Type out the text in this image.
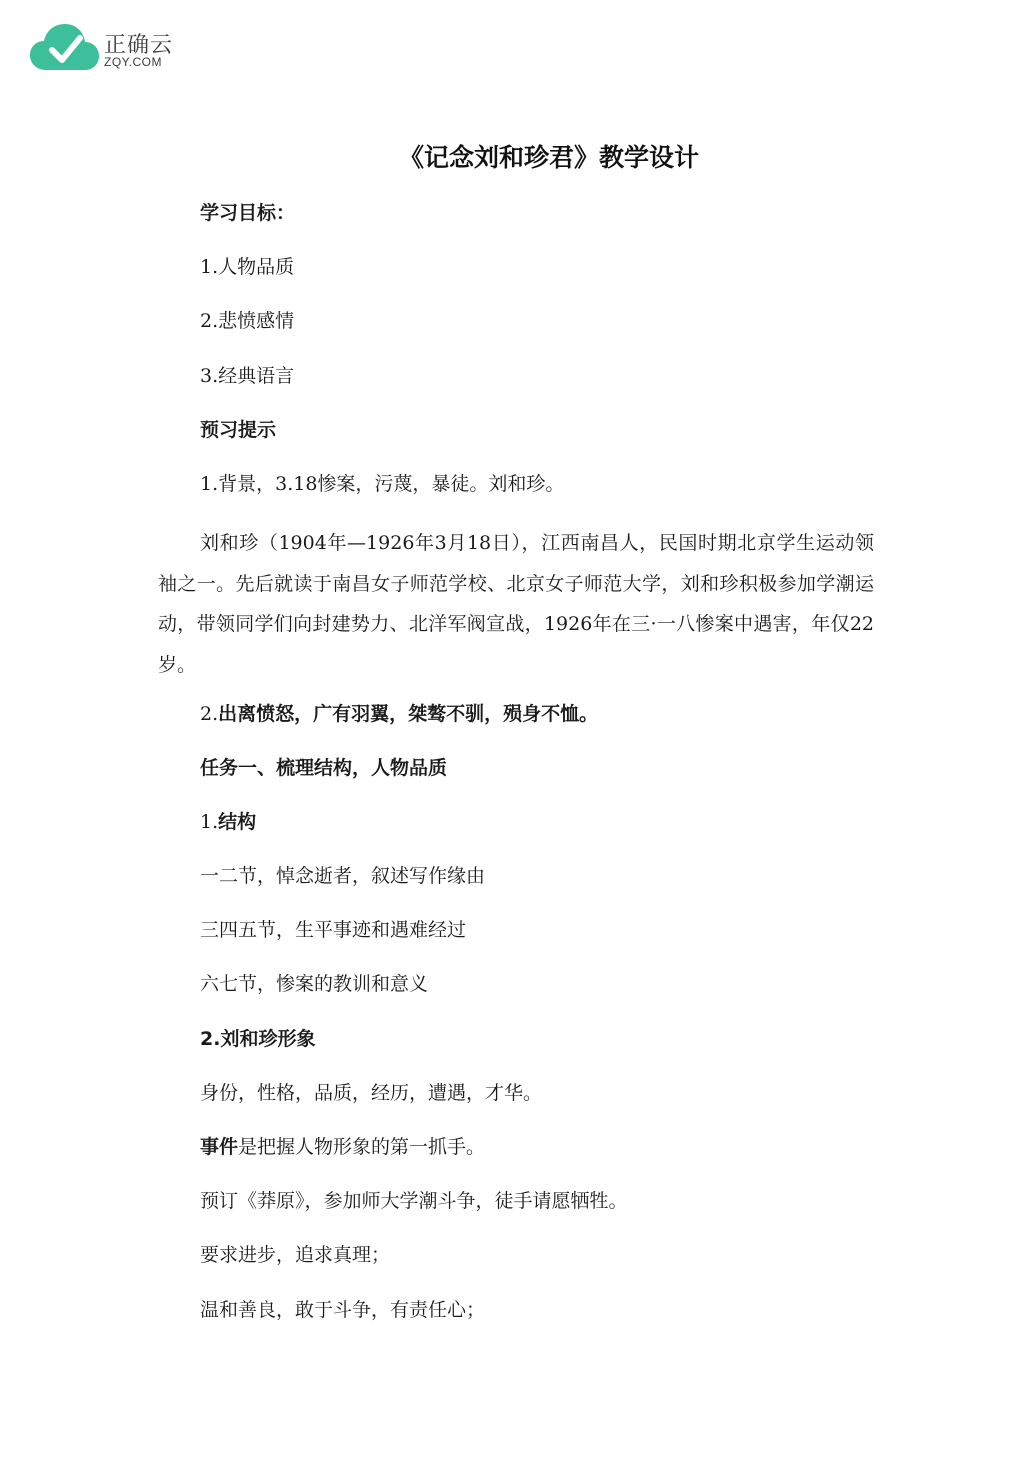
正确云
ZQY.COM
《记念刘和珍君》教学设计

学习目标：

1.人物品质

2.悲愤感情

3.经典语言

预习提示

1.背景，3.18惨案，污蔑，暴徒。刘和珍。

刘和珍（1904年—1926年3月18日），江西南昌人，民国时期北京学生运动领袖之一。先后就读于南昌女子师范学校、北京女子师范大学，刘和珍积极参加学潮运动，带领同学们向封建势力、北洋军阀宣战，1926年在三·一八惨案中遇害，年仅22岁。

2.出离愤怒，广有羽翼，桀骜不驯，殒身不恤。

任务一、梳理结构，人物品质

1.结构

一二节，悼念逝者，叙述写作缘由

三四五节，生平事迹和遇难经过

六七节，惨案的教训和意义

2.刘和珍形象

身份，性格，品质，经历，遭遇，才华。

事件是把握人物形象的第一抓手。

预订《莽原》，参加师大学潮斗争，徒手请愿牺牲。

要求进步，追求真理；

温和善良，敢于斗争，有责任心；
